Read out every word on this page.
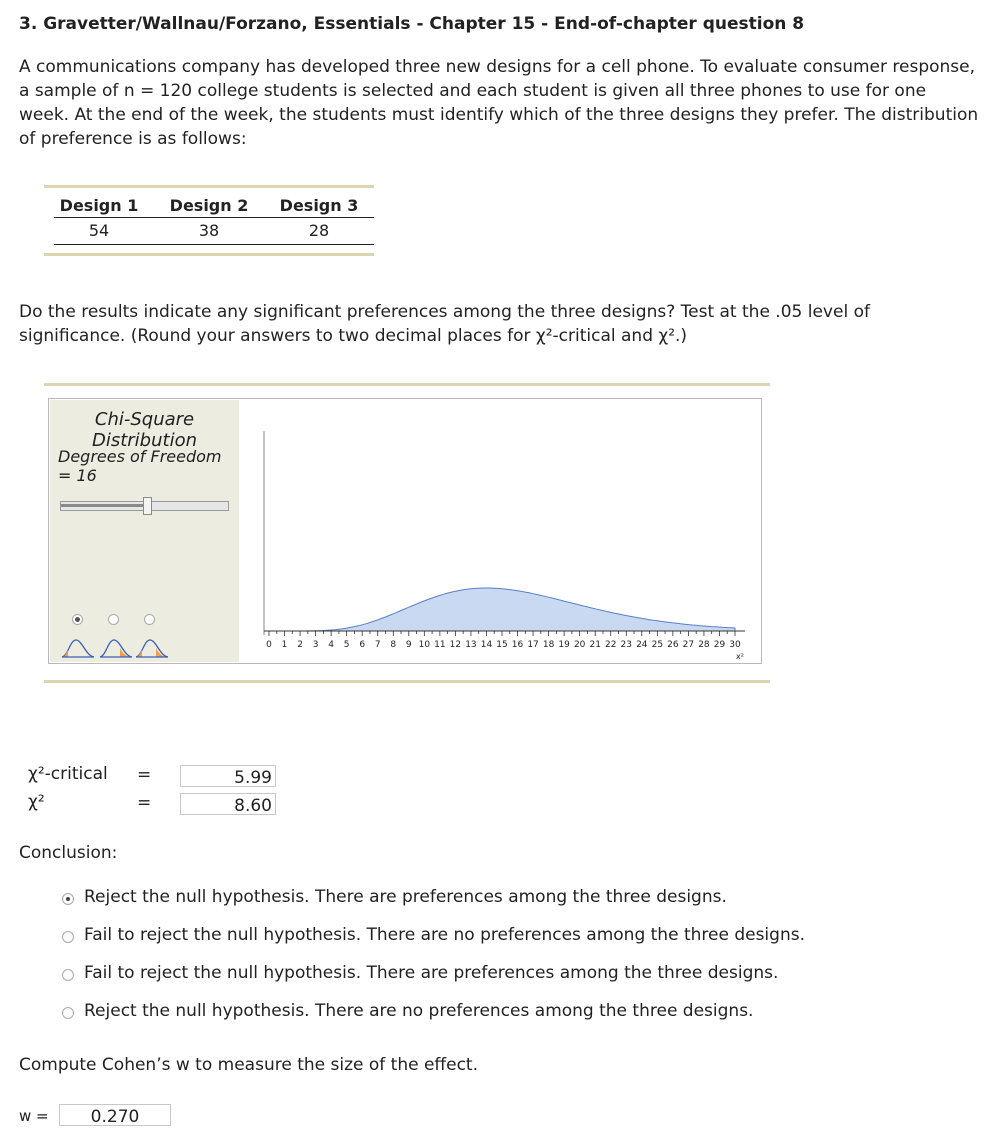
3. Gravetter/Wallnau/Forzano, Essentials - Chapter 15 - End-of-chapter question 8
A communications company has developed three new designs for a cell phone. To evaluate consumer response, a sample of n = 120 college students is selected and each student is given all three phones to use for one week. At the end of the week, the students must identify which of the three designs they prefer. The distribution of preference is as follows:
Design 1	Design 2	Design 3
54	38	28
Do the results indicate any significant preferences among the three designs? Test at the .05 level of significance. (Round your answers to two decimal places for χ²-critical and χ².)
Chi-Square Distribution
Degrees of Freedom = 16
0 1 2 3 4 5 6 7 8 9 10 11 12 13 14 15 16 17 18 19 20 21 22 23 24 25 26 27 28 29 30
x²
χ²-critical =	5.99
χ²	=	8.60
Conclusion:
Reject the null hypothesis. There are preferences among the three designs.
Fail to reject the null hypothesis. There are no preferences among the three designs.
Fail to reject the null hypothesis. There are preferences among the three designs.
Reject the null hypothesis. There are no preferences among the three designs.
Compute Cohen’s w to measure the size of the effect.
w =	0.270
